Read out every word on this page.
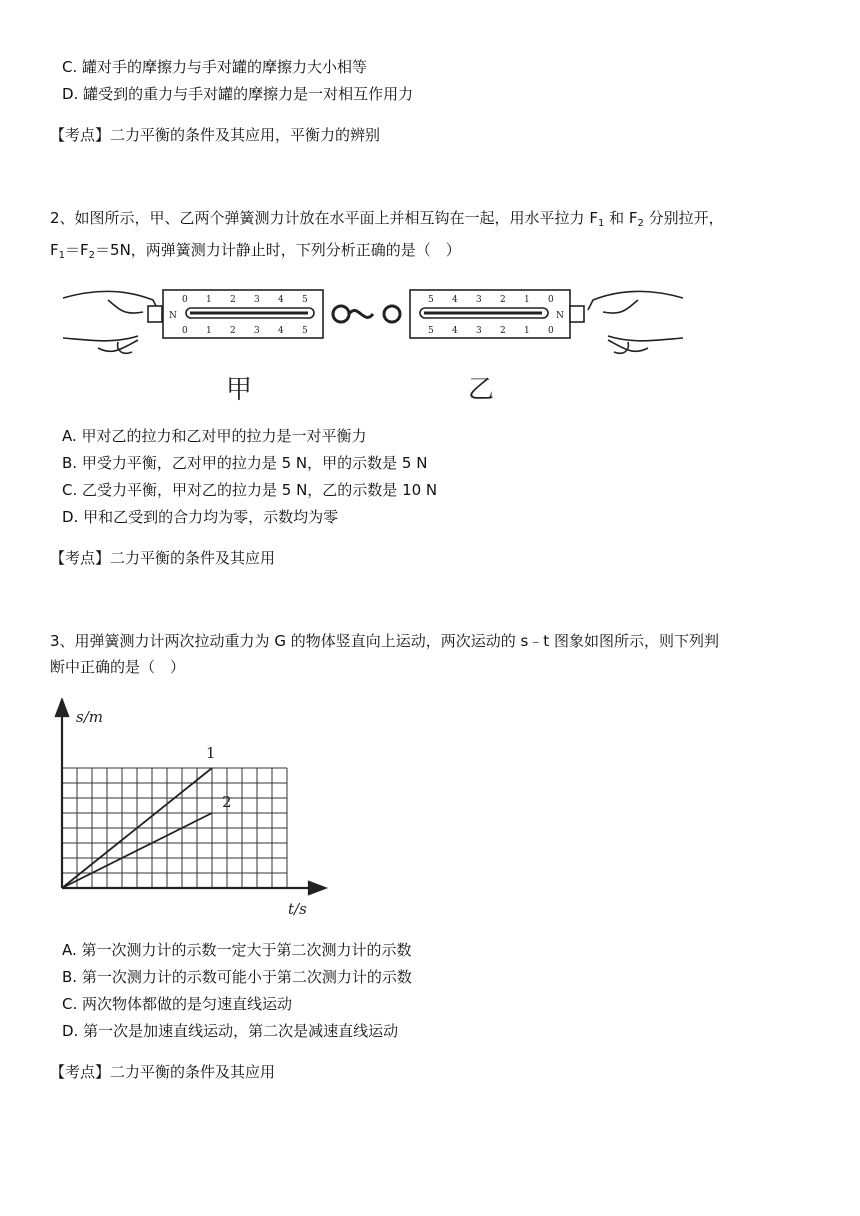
C. 罐对手的摩擦力与手对罐的摩擦力大小相等
D. 罐受到的重力与手对罐的摩擦力是一对相互作用力
【考点】二力平衡的条件及其应用，平衡力的辨别
2、如图所示，甲、乙两个弹簧测力计放在水平面上并相互钩在一起，用水平拉力 $F_1$ 和 $F_2$ 分别拉开，
$F_1=F_2=5N$，两弹簧测力计静止时，下列分析正确的是（　）
N
0 1 2 3 4 5
0 1 2 3 4 5
N
5 4 3 2 1 0
5 4 3 2 1 0
甲	乙
A. 甲对乙的拉力和乙对甲的拉力是一对平衡力
B. 甲受力平衡，乙对甲的拉力是 5 N，甲的示数是 5 N
C. 乙受力平衡，甲对乙的拉力是 5 N，乙的示数是 10 N
D. 甲和乙受到的合力均为零，示数均为零
【考点】二力平衡的条件及其应用
3、用弹簧测力计两次拉动重力为 G 的物体竖直向上运动，两次运动的 s﹣t 图象如图所示，则下列判
断中正确的是（　）
s/m
t/s
1
2
A. 第一次测力计的示数一定大于第二次测力计的示数
B. 第一次测力计的示数可能小于第二次测力计的示数
C. 两次物体都做的是匀速直线运动
D. 第一次是加速直线运动，第二次是减速直线运动
【考点】二力平衡的条件及其应用
